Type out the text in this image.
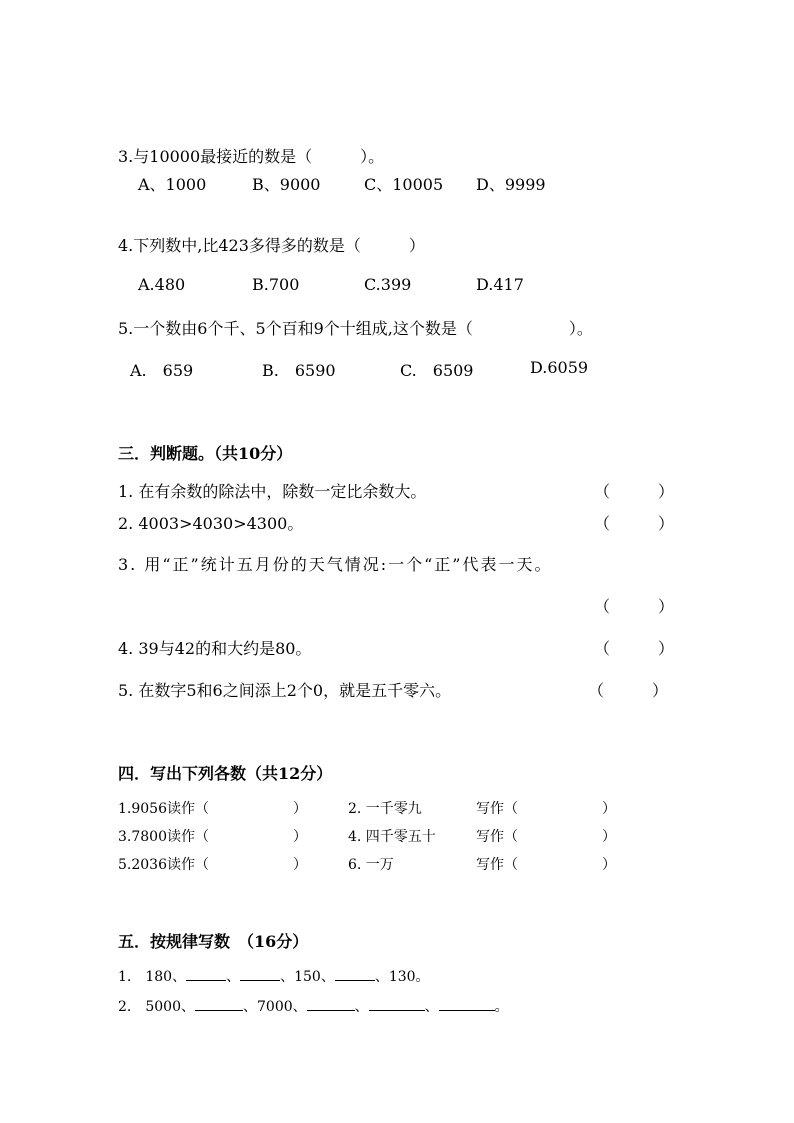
3.与10000最接近的数是（　　　）。
A、1000	B、9000	C、10005 D、9999
4.下列数中,比423多得多的数是（　　　）
A.480	B.700	C.399	D.417
5.一个数由6个千、5个百和9个十组成,这个数是（　　　　　　）。
A.　659	B.　6590	C.　6509	D.6059
三．判断题。（共10分）
1. 在有余数的除法中，除数一定比余数大。	（　　　）
2. 4003>4030>4300。	（　　　）
3. 用“正”统计五月份的天气情况:一个“正”代表一天。
（　　　）
4. 39与42的和大约是80。	（　　　）
5. 在数字5和6之间添上2个0，就是五千零六。	（　　　）
四．写出下列各数（共12分）
1.9056读作（　　　　　　）	2. 一千零九	写作（　　　　　　）
3.7800读作（　　　　　　）	4. 四千零五十	写作（　　　　　　）
5.2036读作（　　　　　　）	6. 一万	写作（　　　　　　）
五．按规律写数　（16分）
1.　180、	、	、150、	、130。
2.　5000、	、7000、	、	、	。
